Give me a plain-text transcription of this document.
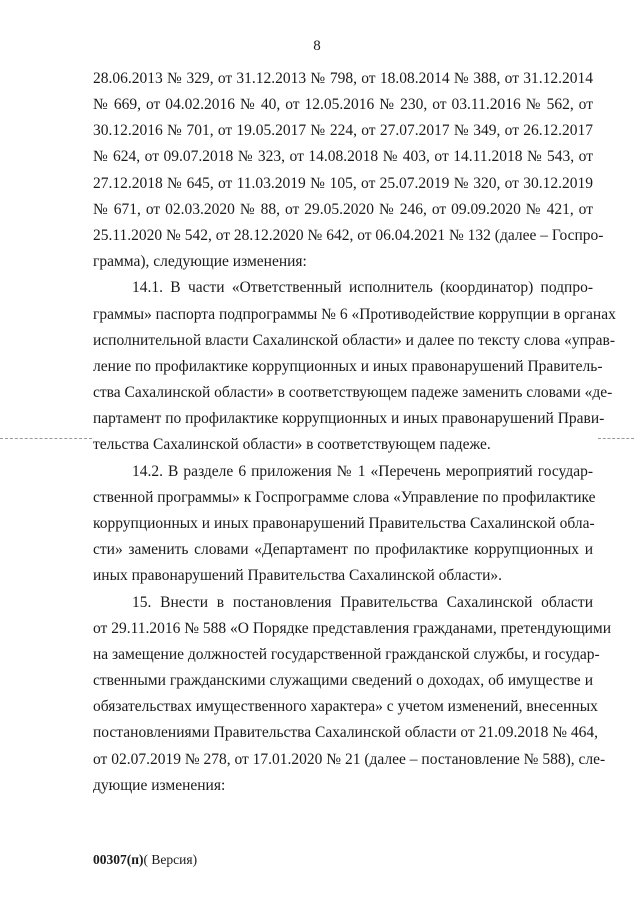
8
28.06.2013 № 329, от 31.12.2013 № 798, от 18.08.2014 № 388, от 31.12.2014
№ 669, от 04.02.2016 № 40, от 12.05.2016 № 230, от 03.11.2016 № 562, от
30.12.2016 № 701, от 19.05.2017 № 224, от 27.07.2017 № 349, от 26.12.2017
№ 624, от 09.07.2018 № 323, от 14.08.2018 № 403, от 14.11.2018 № 543, от
27.12.2018 № 645, от 11.03.2019 № 105, от 25.07.2019 № 320, от 30.12.2019
№ 671, от 02.03.2020 № 88, от 29.05.2020 № 246, от 09.09.2020 № 421, от
25.11.2020 № 542, от 28.12.2020 № 642, от 06.04.2021 № 132 (далее – Госпро-
грамма), следующие изменения:
14.1. В части «Ответственный исполнитель (координатор) подпро-
граммы» паспорта подпрограммы № 6 «Противодействие коррупции в органах
исполнительной власти Сахалинской области» и далее по тексту слова «управ-
ление по профилактике коррупционных и иных правонарушений Правитель-
ства Сахалинской области» в соответствующем падеже заменить словами «де-
партамент по профилактике коррупционных и иных правонарушений Прави-
тельства Сахалинской области» в соответствующем падеже.
14.2. В разделе 6 приложения № 1 «Перечень мероприятий государ-
ственной программы» к Госпрограмме слова «Управление по профилактике
коррупционных и иных правонарушений Правительства Сахалинской обла-
сти» заменить словами «Департамент по профилактике коррупционных и
иных правонарушений Правительства Сахалинской области».
15. Внести в постановления Правительства Сахалинской области
от 29.11.2016 № 588 «О Порядке представления гражданами, претендующими
на замещение должностей государственной гражданской службы, и государ-
ственными гражданскими служащими сведений о доходах, об имуществе и
обязательствах имущественного характера» с учетом изменений, внесенных
постановлениями Правительства Сахалинской области от 21.09.2018 № 464,
от 02.07.2019 № 278, от 17.01.2020 № 21 (далее – постановление № 588), сле-
дующие изменения:
00307(п)( Версия)
